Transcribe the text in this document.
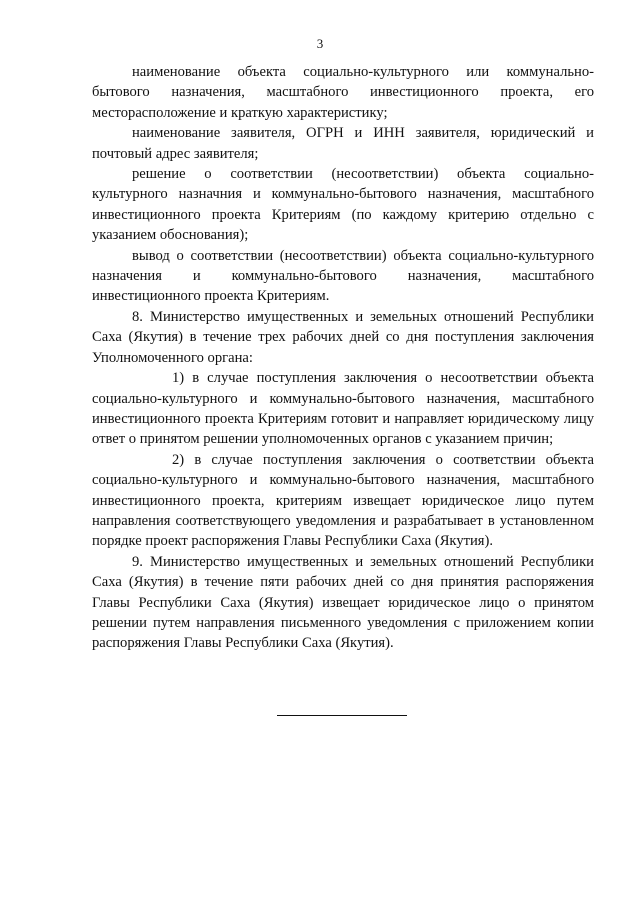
3

наименование объекта социально-культурного или коммунально-бытового назначения, масштабного инвестиционного проекта, его месторасположение и краткую характеристику;

наименование заявителя, ОГРН и ИНН заявителя, юридический и почтовый адрес заявителя;

решение о соответствии (несоответствии) объекта социально-культурного назначния и коммунально-бытового назначения, масштабного инвестиционного проекта Критериям (по каждому критерию отдельно с указанием обоснования);

вывод о соответствии (несоответствии) объекта социально-культурного назначения и коммунально-бытового назначения, масштабного инвестиционного проекта Критериям.

8. Министерство имущественных и земельных отношений Республики Саха (Якутия) в течение трех рабочих дней со дня поступления заключения Уполномоченного органа:

1) в случае поступления заключения о несоответствии объекта социально-культурного и коммунально-бытового назначения, масштабного инвестиционного проекта Критериям готовит и направляет юридическому лицу ответ о принятом решении уполномоченных органов с указанием причин;

2) в случае поступления заключения о соответствии объекта социально-культурного и коммунально-бытового назначения, масштабного инвестиционного проекта, критериям извещает юридическое лицо путем направления соответствующего уведомления и разрабатывает в установленном порядке проект распоряжения Главы Республики Саха (Якутия).

9. Министерство имущественных и земельных отношений Республики Саха (Якутия) в течение пяти рабочих дней со дня принятия распоряжения Главы Республики Саха (Якутия) извещает юридическое лицо о принятом решении путем направления письменного уведомления с приложением копии распоряжения Главы Республики Саха (Якутия).
